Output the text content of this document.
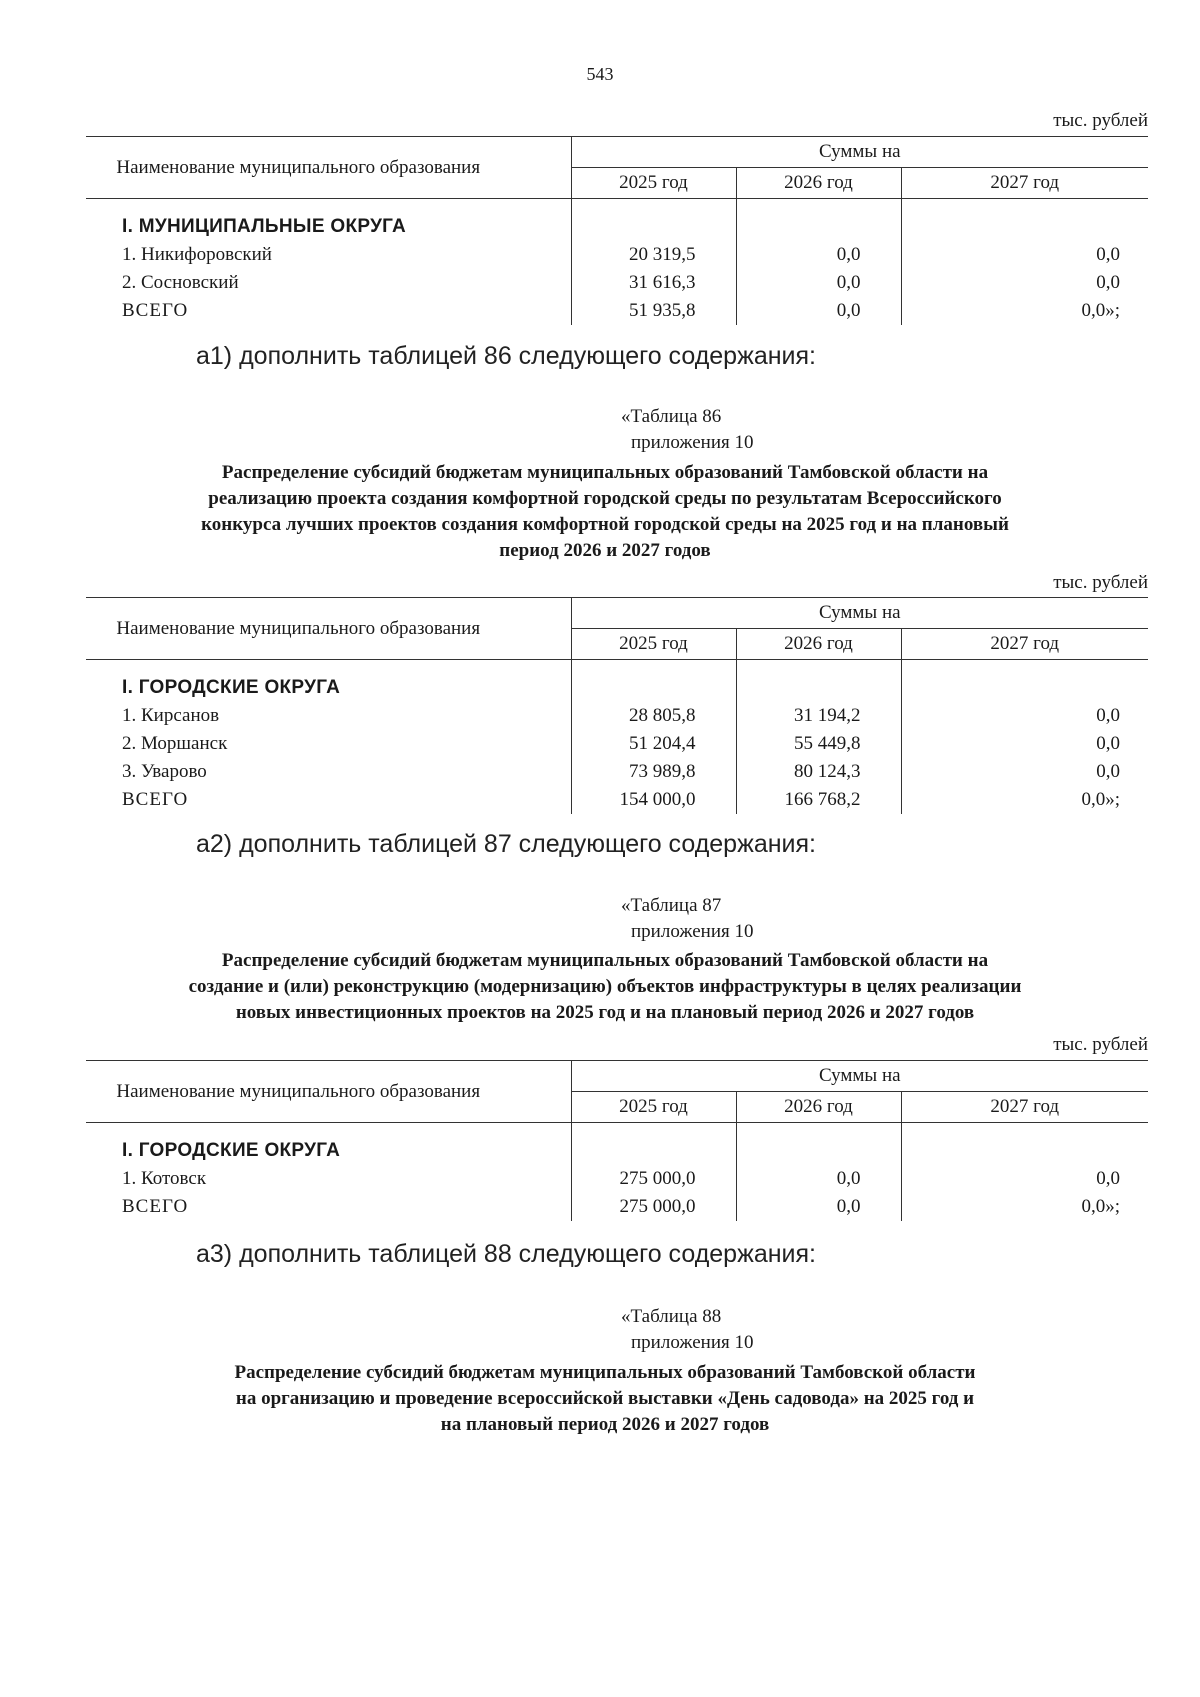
543
тыс. рублей
Наименование муниципального образования	Суммы на		
	2025 год	2026 год	2027 год

I. МУНИЦИПАЛЬНЫЕ ОКРУГА			
1. Никифоровский	20 319,5	0,0	0,0
2. Сосновский	31 616,3	0,0	0,0
ВСЕГО	51 935,8	0,0	0,0»;
а1) дополнить таблицей 86 следующего содержания:
«Таблица 86
приложения 10
Распределение субсидий бюджетам муниципальных образований Тамбовской области на
реализацию проекта создания комфортной городской среды по результатам Всероссийского
конкурса лучших проектов создания комфортной городской среды на 2025 год и на плановый
период 2026 и 2027 годов
тыс. рублей
Наименование муниципального образования	Суммы на		
	2025 год	2026 год	2027 год

I. ГОРОДСКИЕ ОКРУГА			
1. Кирсанов	28 805,8	31 194,2	0,0
2. Моршанск	51 204,4	55 449,8	0,0
3. Уварово	73 989,8	80 124,3	0,0
ВСЕГО	154 000,0	166 768,2	0,0»;
а2) дополнить таблицей 87 следующего содержания:
«Таблица 87
приложения 10
Распределение субсидий бюджетам муниципальных образований Тамбовской области на
создание и (или) реконструкцию (модернизацию) объектов инфраструктуры в целях реализации
новых инвестиционных проектов на 2025 год и на плановый период 2026 и 2027 годов
тыс. рублей
Наименование муниципального образования	Суммы на		
	2025 год	2026 год	2027 год

I. ГОРОДСКИЕ ОКРУГА			
1. Котовск	275 000,0	0,0	0,0
ВСЕГО	275 000,0	0,0	0,0»;
а3) дополнить таблицей 88 следующего содержания:
«Таблица 88
приложения 10
Распределение субсидий бюджетам муниципальных образований Тамбовской области
на организацию и проведение всероссийской выставки «День садовода» на 2025 год и
на плановый период 2026 и 2027 годов
